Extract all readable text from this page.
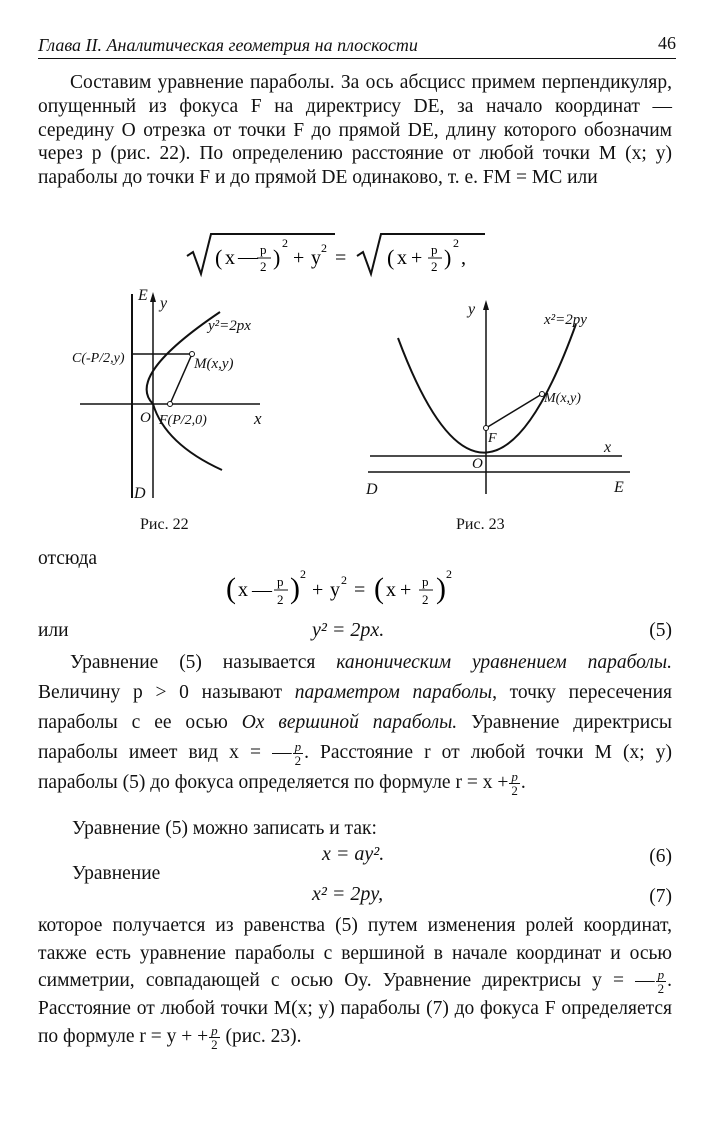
Глава II. Аналитическая геометрия на плоскости	46
Составим уравнение параболы. За ось абсцисс примем перпендикуляр, опущенный из фокуса F на директрису DE, за начало координат — середину O отрезка от точки F до прямой DE, длину которого обозначим через p (рис. 22). По определению расстояние от любой точки M (x; y) параболы до точки F и до прямой DE одинаково, т. е. FM = MC или
( x — p
2 )
2
+ y 2 = ( x + p
2 )
2
,
E y
y²=2px
C(-P/2,y)	M(x,y)
O F(P/2,0)	x
D
Рис. 22
y
x²=2py
M(x,y)
F
O
x
D	E
Рис. 23
отсюда
( x — p
2 ) 2
+ y 2 = ( x + p
2 ) 2
или	y² = 2px.	(5)
Уравнение (5) называется каноническим уравнением параболы. Величину p > 0 называют параметром параболы, точку пересечения параболы с ее осью Ox вершиной параболы. Уравнение директрисы параболы имеет вид x = — $\frac{p}{2}$ . Расстояние r от любой точки M (x; y) параболы (5) до фокуса определяется по формуле $r = x + \frac{p}{2}$ .
Уравнение (5) можно записать и так:
x = ay².	(6)
Уравнение
x² = 2py,	(7)
которое получается из равенства (5) путем изменения ролей координат, также есть уравнение параболы с вершиной в начале координат и осью симметрии, совпадающей с осью Oy. Уравнение директрисы y = — $\frac{p}{2}$ . Расстояние от любой точки M(x; y) параболы (7) до фокуса F определяется по формуле r = y + + $\frac{p}{2} (рис$. 23).
